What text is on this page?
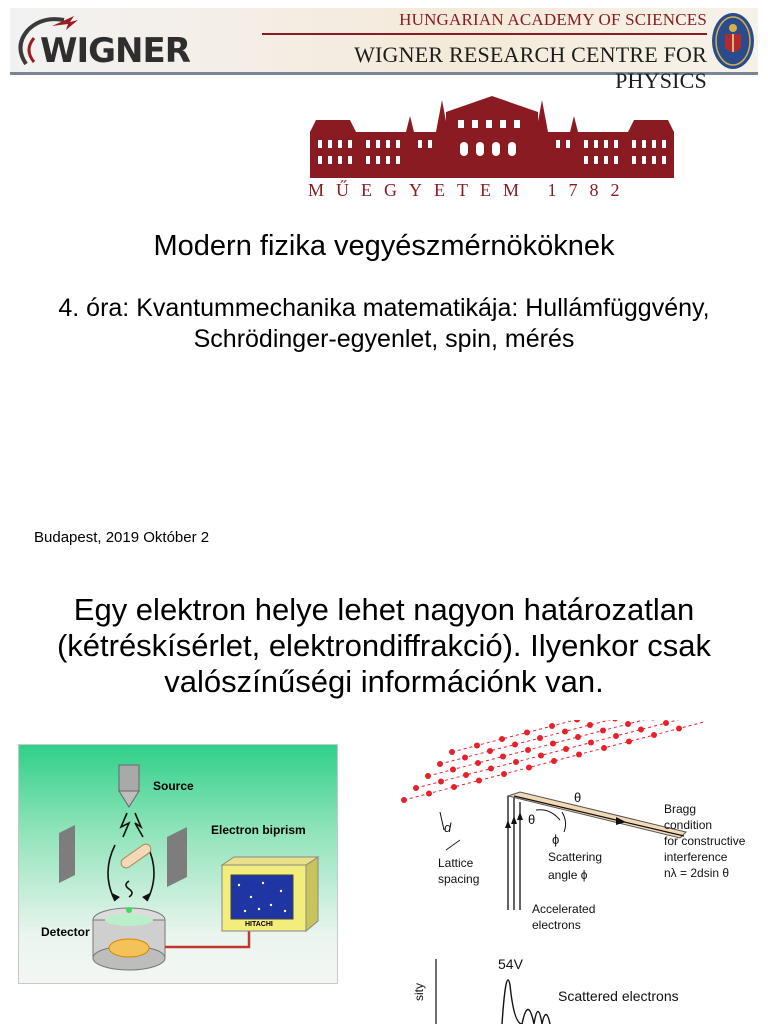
WIGNER
HUNGARIAN ACADEMY OF SCIENCES
WIGNER RESEARCH CENTRE FOR PHYSICS
MŰEGYETEM 1782
Modern fizika vegyészmérnököknek
4. óra: Kvantummechanika matematikája: Hullámfüggvény, Schrödinger-egyenlet, spin, mérés
Budapest, 2019 Október 2
Egy elektron helye lehet nagyon határozatlan (kétréskísérlet, elektrondiffrakció). Ilyenkor csak valószínűségi információnk van.
Source
Electron biprism
Detector
HITACHI
θ
θ
d
ϕ
Lattice
spacing
Scattering
angle ϕ
Accelerated
electrons
Bragg
condition
for constructive
interference
nλ = 2dsin θ
54V
Scattered electrons
sity
